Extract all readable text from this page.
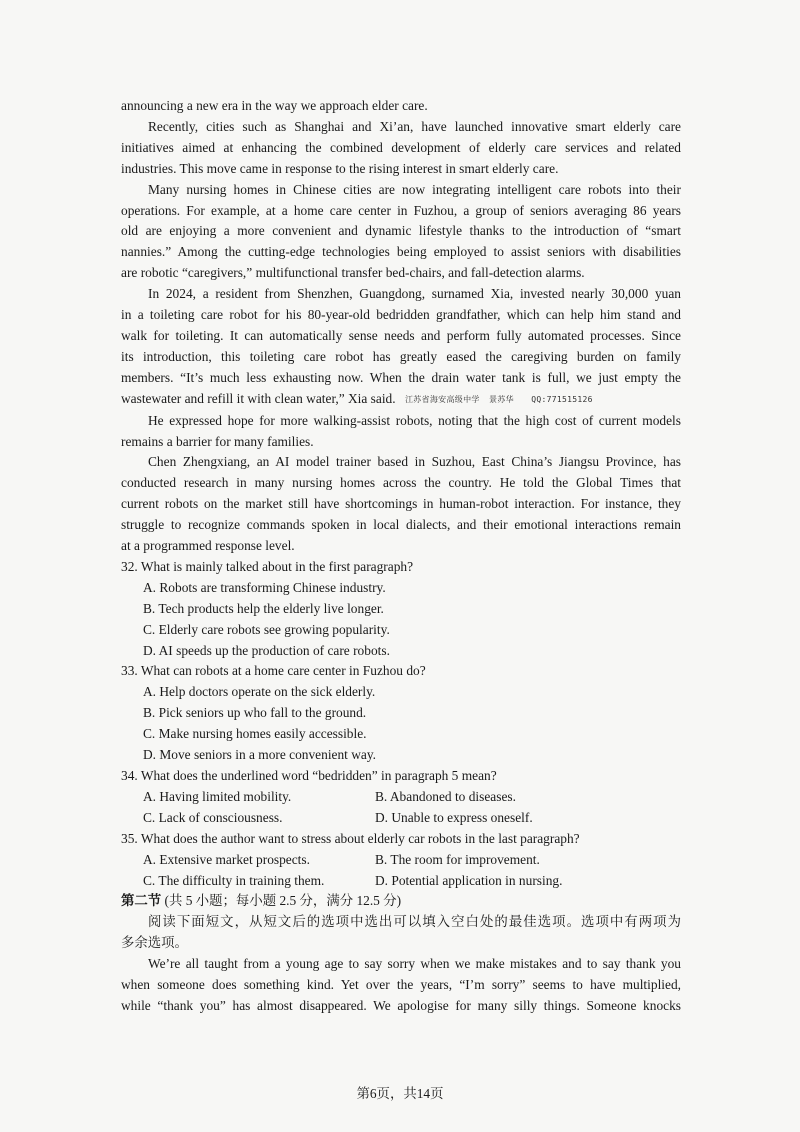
announcing a new era in the way we approach elder care.
Recently, cities such as Shanghai and Xi’an, have launched innovative smart elderly care
initiatives aimed at enhancing the combined development of elderly care services and related
industries. This move came in response to the rising interest in smart elderly care.
Many nursing homes in Chinese cities are now integrating intelligent care robots into their
operations. For example, at a home care center in Fuzhou, a group of seniors averaging 86 years
old are enjoying a more convenient and dynamic lifestyle thanks to the introduction of “smart
nannies.” Among the cutting-edge technologies being employed to assist seniors with disabilities
are robotic “caregivers,” multifunctional transfer bed-chairs, and fall-detection alarms.
In 2024, a resident from Shenzhen, Guangdong, surnamed Xia, invested nearly 30,000 yuan
in a toileting care robot for his 80-year-old bedridden grandfather, which can help him stand and
walk for toileting. It can automatically sense needs and perform fully automated processes. Since
its introduction, this toileting care robot has greatly eased the caregiving burden on family
members. “It’s much less exhausting now. When the drain water tank is full, we just empty the
wastewater and refill it with clean water,” Xia said. 江苏省海安高级中学 景苏华 QQ:771515126
He expressed hope for more walking-assist robots, noting that the high cost of current models
remains a barrier for many families.
Chen Zhengxiang, an AI model trainer based in Suzhou, East China’s Jiangsu Province, has
conducted research in many nursing homes across the country. He told the Global Times that
current robots on the market still have shortcomings in human-robot interaction. For instance, they
struggle to recognize commands spoken in local dialects, and their emotional interactions remain
at a programmed response level.
32. What is mainly talked about in the first paragraph?
A. Robots are transforming Chinese industry.
B. Tech products help the elderly live longer.
C. Elderly care robots see growing popularity.
D. AI speeds up the production of care robots.
33. What can robots at a home care center in Fuzhou do?
A. Help doctors operate on the sick elderly.
B. Pick seniors up who fall to the ground.
C. Make nursing homes easily accessible.
D. Move seniors in a more convenient way.
34. What does the underlined word “bedridden” in paragraph 5 mean?
A. Having limited mobility.	B. Abandoned to diseases.
C. Lack of consciousness.	D. Unable to express oneself.
35. What does the author want to stress about elderly car robots in the last paragraph?
A. Extensive market prospects.	B. The room for improvement.
C. The difficulty in training them.	D. Potential application in nursing.
第二节 (共 5 小题；每小题 2.5 分，满分 12.5 分)
阅读下面短文，从短文后的选项中选出可以填入空白处的最佳选项。选项中有两项为
多余选项。
We’re all taught from a young age to say sorry when we make mistakes and to say thank you
when someone does something kind. Yet over the years, “I’m sorry” seems to have multiplied,
while “thank you” has almost disappeared. We apologise for many silly things. Someone knocks
第6页，共14页
